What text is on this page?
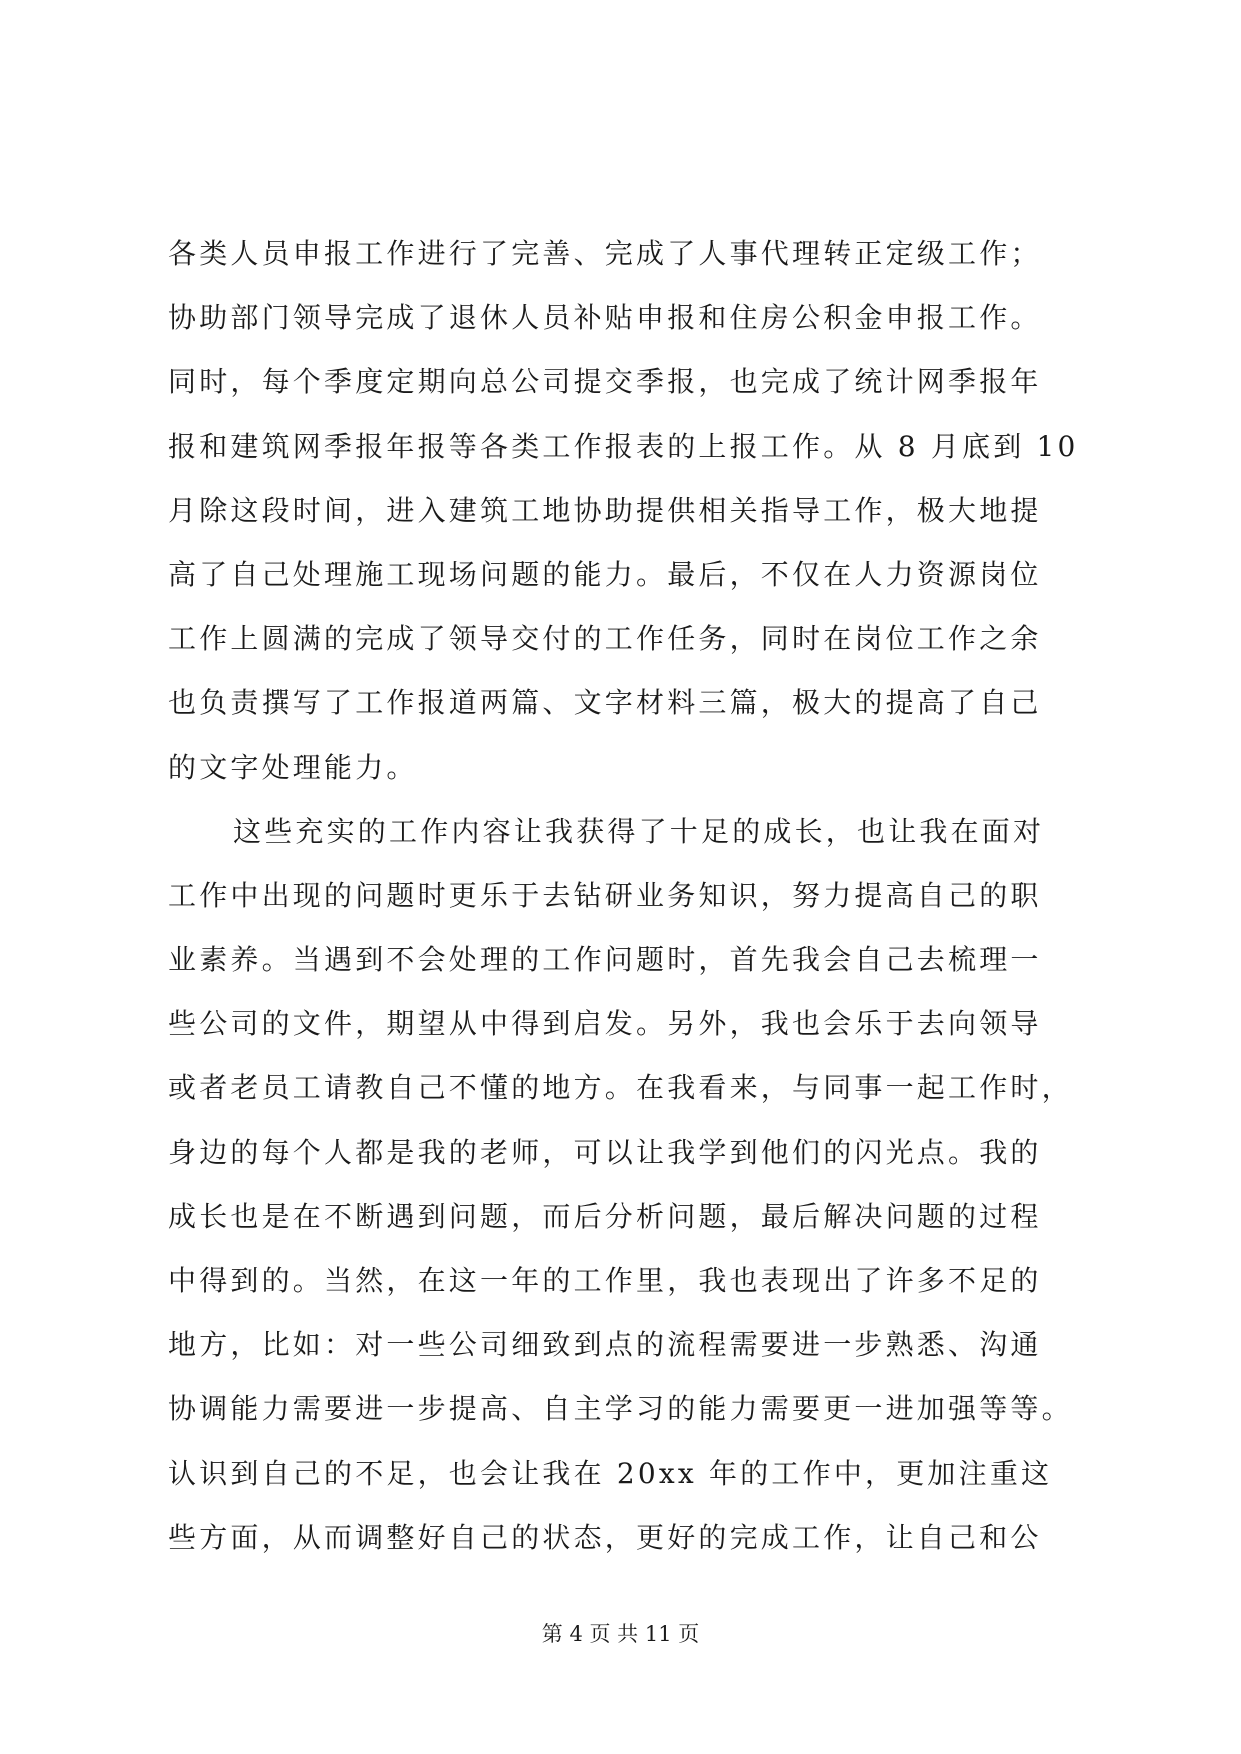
各类人员申报工作进行了完善、完成了人事代理转正定级工作；
协助部门领导完成了退休人员补贴申报和住房公积金申报工作。
同时，每个季度定期向总公司提交季报，也完成了统计网季报年
报和建筑网季报年报等各类工作报表的上报工作。从 8 月底到 10
月除这段时间，进入建筑工地协助提供相关指导工作，极大地提
高了自己处理施工现场问题的能力。最后，不仅在人力资源岗位
工作上圆满的完成了领导交付的工作任务，同时在岗位工作之余
也负责撰写了工作报道两篇、文字材料三篇，极大的提高了自己
的文字处理能力。
这些充实的工作内容让我获得了十足的成长，也让我在面对
工作中出现的问题时更乐于去钻研业务知识，努力提高自己的职
业素养。当遇到不会处理的工作问题时，首先我会自己去梳理一
些公司的文件，期望从中得到启发。另外，我也会乐于去向领导
或者老员工请教自己不懂的地方。在我看来，与同事一起工作时，
身边的每个人都是我的老师，可以让我学到他们的闪光点。我的
成长也是在不断遇到问题，而后分析问题，最后解决问题的过程
中得到的。当然，在这一年的工作里，我也表现出了许多不足的
地方，比如：对一些公司细致到点的流程需要进一步熟悉、沟通
协调能力需要进一步提高、自主学习的能力需要更一进加强等等。
认识到自己的不足，也会让我在 20xx 年的工作中，更加注重这
些方面，从而调整好自己的状态，更好的完成工作，让自己和公
第 4 页 共 11 页
